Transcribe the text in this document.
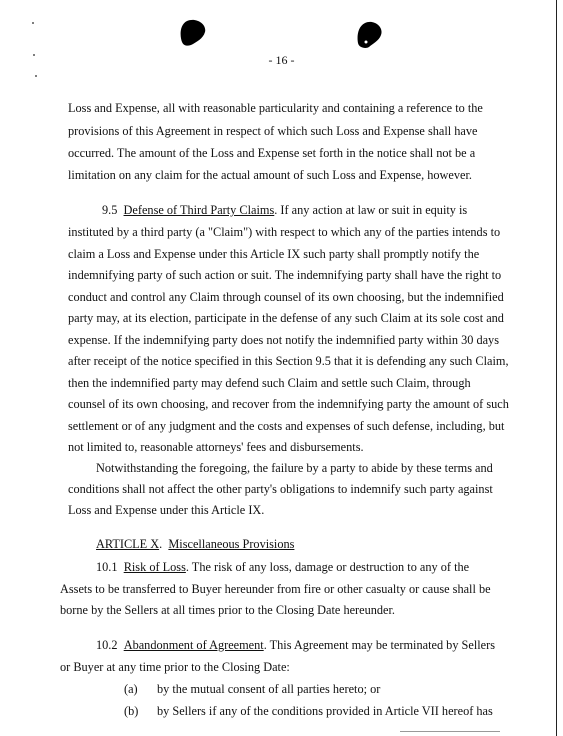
- 16 -
Loss and Expense, all with reasonable particularity and containing a reference to the
provisions of this Agreement in respect of which such Loss and Expense shall have
occurred. The amount of the Loss and Expense set forth in the notice shall not be a
limitation on any claim for the actual amount of such Loss and Expense, however.
9.5 Defense of Third Party Claims. If any action at law or suit in equity is
instituted by a third party (a "Claim") with respect to which any of the parties intends to
claim a Loss and Expense under this Article IX such party shall promptly notify the
indemnifying party of such action or suit. The indemnifying party shall have the right to
conduct and control any Claim through counsel of its own choosing, but the indemnified
party may, at its election, participate in the defense of any such Claim at its sole cost and
expense. If the indemnifying party does not notify the indemnified party within 30 days
after receipt of the notice specified in this Section 9.5 that it is defending any such Claim,
then the indemnified party may defend such Claim and settle such Claim, through
counsel of its own choosing, and recover from the indemnifying party the amount of such
settlement or of any judgment and the costs and expenses of such defense, including, but
not limited to, reasonable attorneys' fees and disbursements.
Notwithstanding the foregoing, the failure by a party to abide by these terms and
conditions shall not affect the other party's obligations to indemnify such party against
Loss and Expense under this Article IX.
ARTICLE X.  Miscellaneous Provisions
10.1 Risk of Loss. The risk of any loss, damage or destruction to any of the
Assets to be transferred to Buyer hereunder from fire or other casualty or cause shall be
borne by the Sellers at all times prior to the Closing Date hereunder.
10.2 Abandonment of Agreement. This Agreement may be terminated by Sellers
or Buyer at any time prior to the Closing Date:
(a) by the mutual consent of all parties hereto; or
(b) by Sellers if any of the conditions provided in Article VII hereof has
